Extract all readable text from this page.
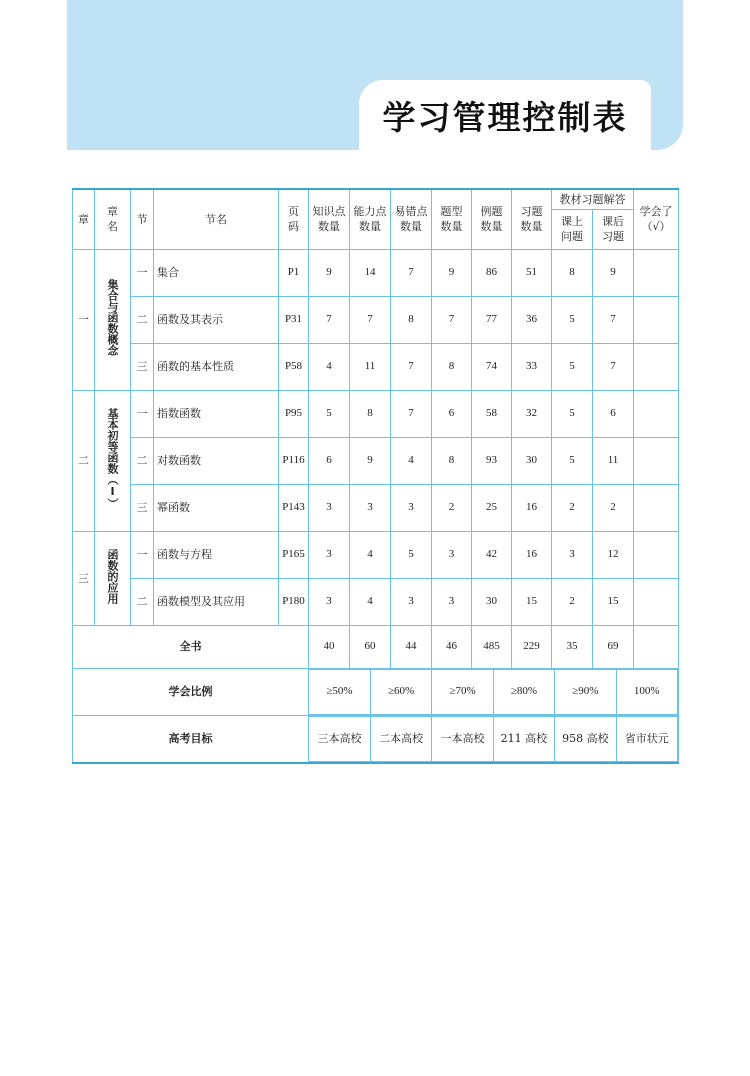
学习管理控制表
章	章名	节	节名	页码	知识点数量	能力点数量	易错点数量	题型数量	例题数量	习题数量	教材习题解答	学会了（√）
课上问题	课后习题
一	集合与函数概念	一	集合	P1	9	14	7	9	86	51	8	9	
二	函数及其表示	P31	7	7	8	7	77	36	5	7	
三	函数的基本性质	P58	4	11	7	8	74	33	5	7	
二	基本初等函数（Ⅰ）	一	指数函数	P95	5	8	7	6	58	32	5	6	
二	对数函数	P116	6	9	4	8	93	30	5	11	
三	幂函数	P143	3	3	3	2	25	16	2	2	
三	函数的应用	一	函数与方程	P165	3	4	5	3	42	16	3	12	
二	函数模型及其应用	P180	3	4	3	3	30	15	2	15	
全书	40	60	44	46	485	229	35	69	
学会比例		≥50%	≥60%	≥70%	≥80%	≥90%	100%

高考目标		三本高校	二本高校	一本高校	211 高校	958 高校	省市状元
